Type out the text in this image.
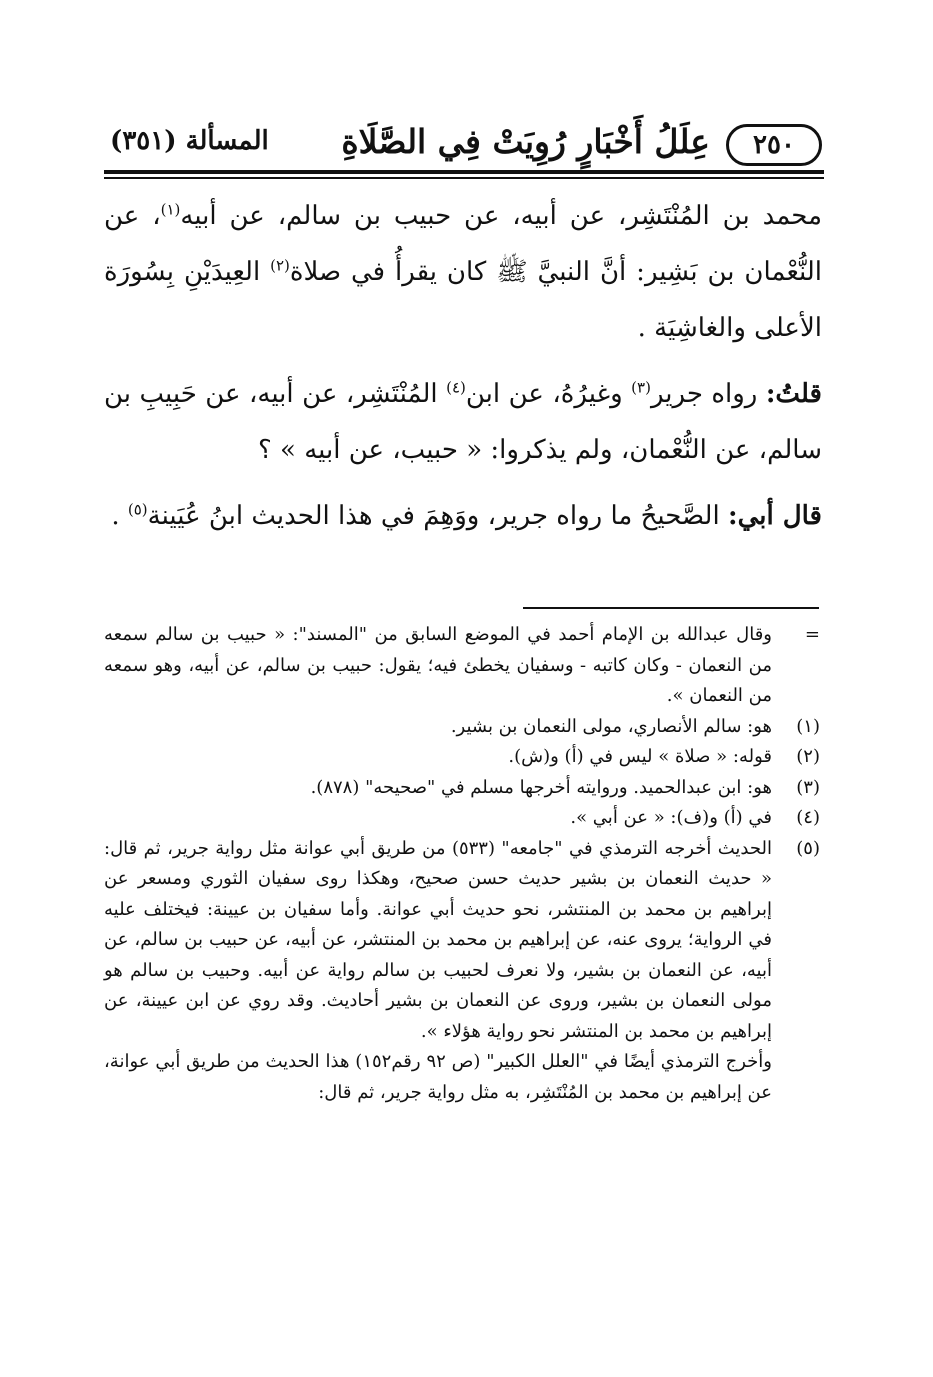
٢٥٠
عِلَلُ أَخْبَارٍ رُوِيَتْ فِي الصَّلَاةِ
المسألة (٣٥١)

محمد بن المُنْتَشِر، عن أبيه، عن حبيب بن سالم، عن أبيه$^{(١)}$، عن النُّعْمان بن بَشِير: أنَّ النبيَّ ﷺ كان يقرأُ في صلاة$^{(٢)}$ العِيدَيْنِ بِسُورَة الأعلى والغاشِيَة .

قلتُ: رواه جرير$^{(٣)}$ وغيرُهُ، عن ابن$^{(٤)}$ المُنْتَشِر، عن أبيه، عن حَبِيبِ بن سالم، عن النُّعْمان، ولم يذكروا: « حبيب، عن أبيه » ؟

قال أبي: الصَّحيحُ ما رواه جرير، ووَهِمَ في هذا الحديث ابنُ عُيَينة$^{(٥)}$ .

=
وقال عبدالله بن الإمام أحمد في الموضع السابق من "المسند": « حبيب بن سالم سمعه من النعمان - وكان كاتبه - وسفيان يخطئ فيه؛ يقول: حبيب بن سالم، عن أبيه، وهو سمعه من النعمان ».

(١)
هو: سالم الأنصاري، مولى النعمان بن بشير.

(٢)
قوله: « صلاة » ليس في (أ) و(ش).

(٣)
هو: ابن عبدالحميد. وروايته أخرجها مسلم في "صحيحه" (٨٧٨).

(٤)
في (أ) و(ف): « عن أبي ».

(٥)
الحديث أخرجه الترمذي في "جامعه" (٥٣٣) من طريق أبي عوانة مثل رواية جرير، ثم قال: « حديث النعمان بن بشير حديث حسن صحيح، وهكذا روى سفيان الثوري ومسعر عن إبراهيم بن محمد بن المنتشر، نحو حديث أبي عوانة. وأما سفيان بن عيينة: فيختلف عليه في الرواية؛ يروى عنه، عن إبراهيم بن محمد بن المنتشر، عن أبيه، عن حبيب بن سالم، عن أبيه، عن النعمان بن بشير، ولا نعرف لحبيب بن سالم رواية عن أبيه. وحبيب بن سالم هو مولى النعمان بن بشير، وروى عن النعمان بن بشير أحاديث. وقد روي عن ابن عيينة، عن إبراهيم بن محمد بن المنتشر نحو رواية هؤلاء ».

وأخرج الترمذي أيضًا في "العلل الكبير" (ص ٩٢ رقم١٥٢) هذا الحديث من طريق أبي عوانة، عن إبراهيم بن محمد بن المُنْتَشِر، به مثل رواية جرير، ثم قال:
